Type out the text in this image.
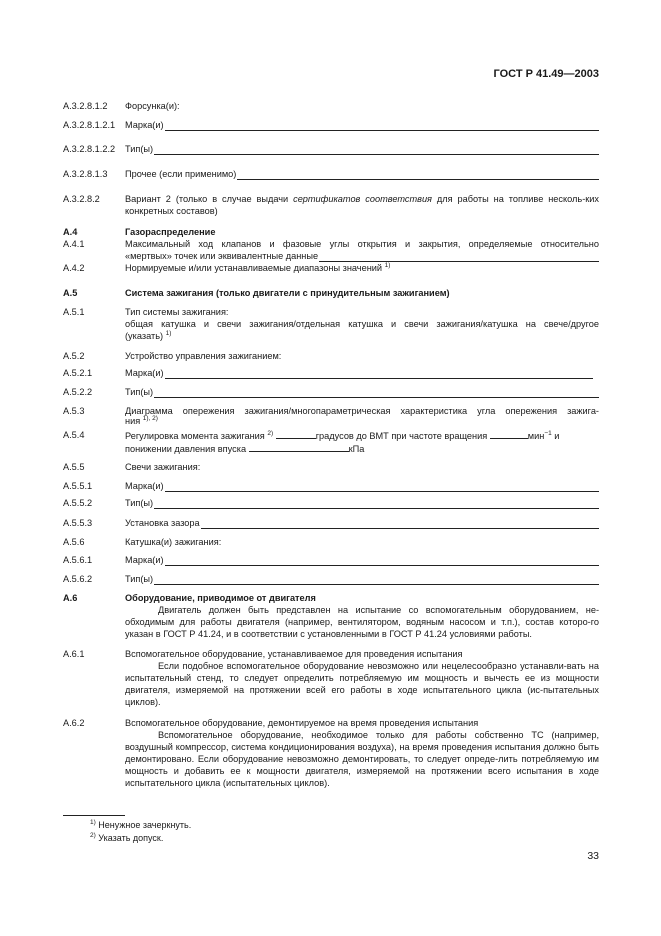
ГОСТ Р 41.49—2003
A.3.2.8.1.2 Форсунка(и):
A.3.2.8.1.2.1 Марка(и)
A.3.2.8.1.2.2 Тип(ы)
A.3.2.8.1.3 Прочее (если применимо)
A.3.2.8.2	Вариант 2 (только в случае выдачи сертификатов соответствия для работы на топливе несколь-ких конкретных составов)
A.4	Газораспределение
A.4.1	Максимальный ход клапанов и фазовые углы открытия и закрытия, определяемые относительно
«мертвых» точек или эквивалентные данные
A.4.2	Нормируемые и/или устанавливаемые диапазоны значений $^{1)}$
A.5	Система зажигания (только двигатели с принудительным зажиганием)
A.5.1	Тип системы зажигания:
общая катушка и свечи зажигания/отдельная катушка и свечи зажигания/катушка на свече/другое
(указать) $^{1)}$
A.5.2	Устройство управления зажиганием:
A.5.2.1	Марка(и)
A.5.2.2	Тип(ы)
A.5.3	Диаграмма опережения зажигания/многопараметрическая характеристика угла опережения зажига-
ния $^{1), 2)}$
A.5.4	Регулировка момента зажигания $^{2)}$	градусов до ВМТ при частоте вращения	мин$^{-1}$ и
понижении давления впуска	кПа
A.5.5	Свечи зажигания:
A.5.5.1	Марка(и)
A.5.5.2	Тип(ы)
A.5.5.3	Установка зазора
A.5.6	Катушка(и) зажигания:
A.5.6.1	Марка(и)
A.5.6.2	Тип(ы)
A.6	Оборудование, приводимое от двигателя
Двигатель должен быть представлен на испытание со вспомогательным оборудованием, не-обходимым для работы двигателя (например, вентилятором, водяным насосом и т.п.), состав которо-го указан в ГОСТ Р 41.24, и в соответствии с установленными в ГОСТ Р 41.24 условиями работы.
A.6.1	Вспомогательное оборудование, устанавливаемое для проведения испытания
Если подобное вспомогательное оборудование невозможно или нецелесообразно устанавли-вать на испытательный стенд, то следует определить потребляемую им мощность и вычесть ее из мощности двигателя, измеряемой на протяжении всей его работы в ходе испытательного цикла (ис-пытательных циклов).
A.6.2	Вспомогательное оборудование, демонтируемое на время проведения испытания
Вспомогательное оборудование, необходимое только для работы собственно ТС (например, воздушный компрессор, система кондиционирования воздуха), на время проведения испытания должно быть демонтировано. Если оборудование невозможно демонтировать, то следует опреде-лить потребляемую им мощность и добавить ее к мощности двигателя, измеряемой на протяжении всего испытания в ходе испытательного цикла (испытательных циклов).
$^{1)}$ Ненужное зачеркнуть.
$^{2)}$ Указать допуск.
33
